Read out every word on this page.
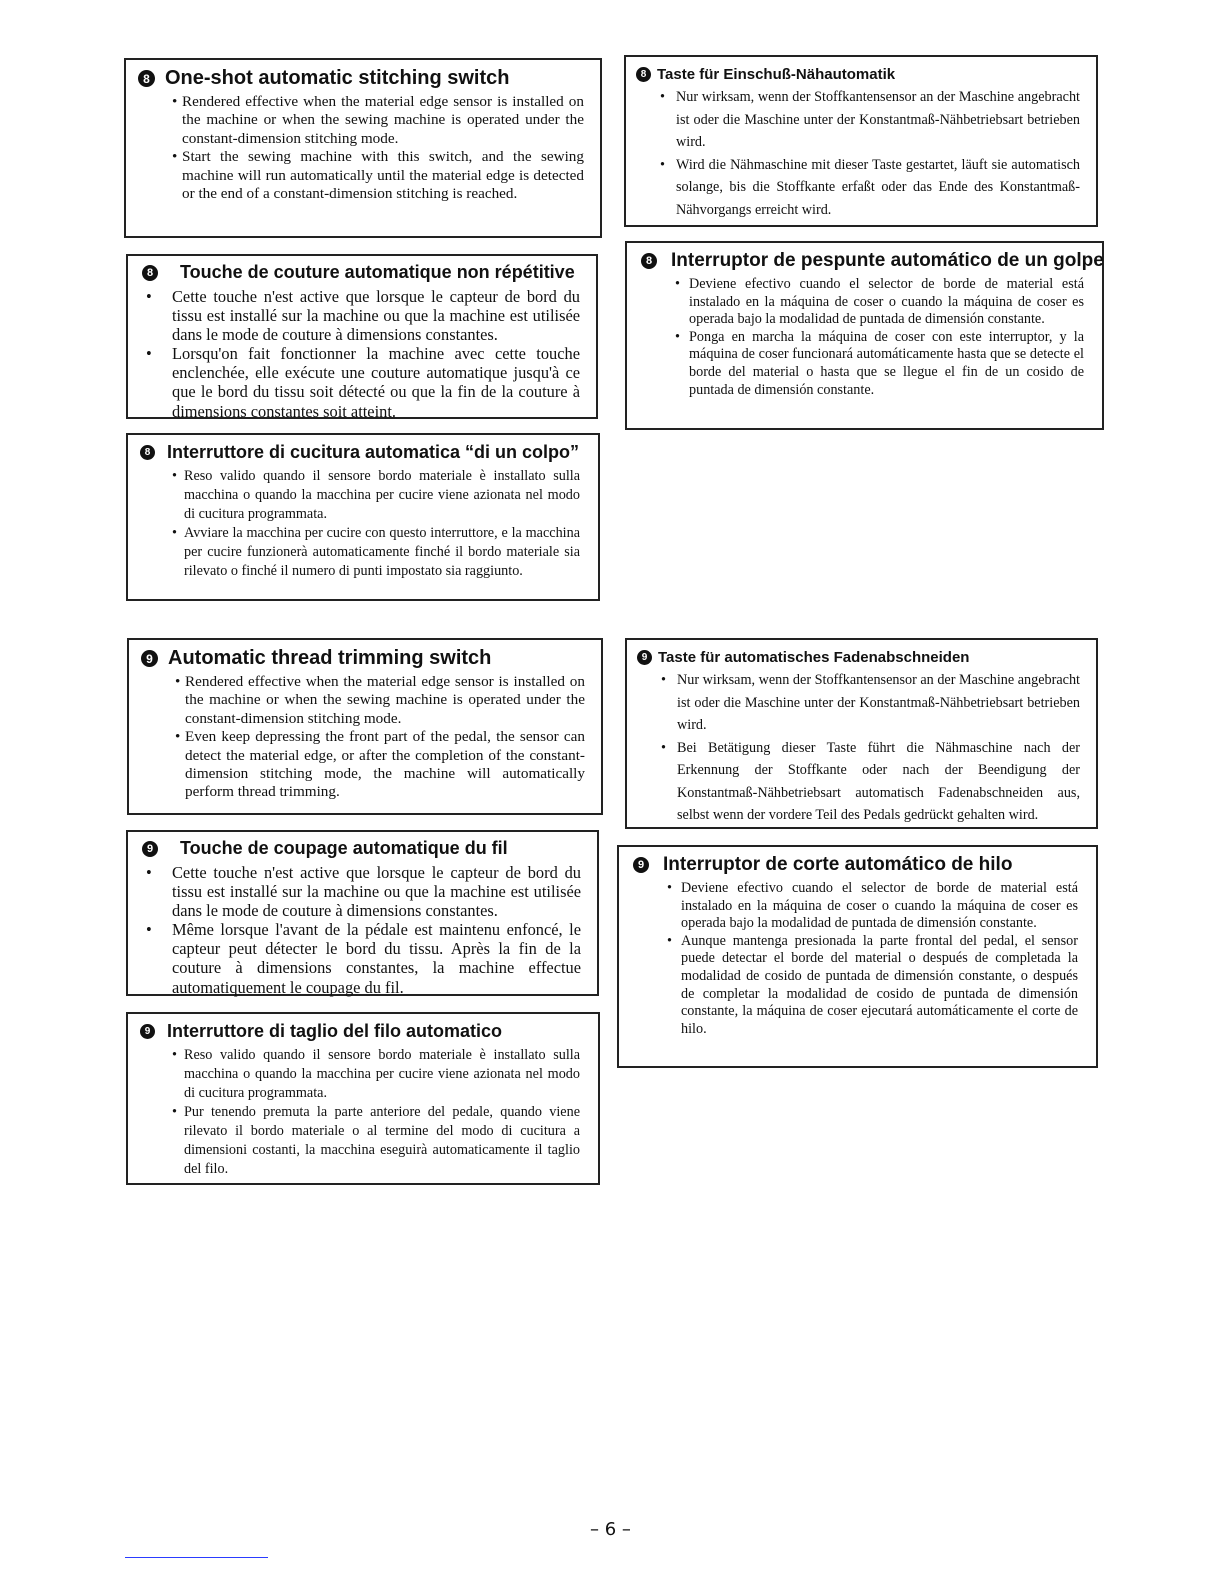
8 One-shot automatic stitching switch
• Rendered effective when the material edge sensor is installed on the machine or when the sewing machine is operated under the constant-dimension stitching mode.
• Start the sewing machine with this switch, and the sewing machine will run automatically until the material edge is detected or the end of a constant-dimension stitching is reached.
8 Taste für Einschuß-Nähautomatik
• Nur wirksam, wenn der Stoffkantensensor an der Maschine angebracht ist oder die Maschine unter der Konstantmaß-Nähbetriebsart betrieben wird.
• Wird die Nähmaschine mit dieser Taste gestartet, läuft sie automatisch solange, bis die Stoffkante erfaßt oder das Ende des Konstantmaß-Nähvorgangs erreicht wird.
8 Touche de couture automatique non répétitive
• Cette touche n'est active que lorsque le capteur de bord du tissu est installé sur la machine ou que la machine est utilisée dans le mode de couture à dimensions constantes.
• Lorsqu'on fait fonctionner la machine avec cette touche enclenchée, elle exécute une couture automatique jusqu'à ce que le bord du tissu soit détecté ou que la fin de la couture à dimensions constantes soit atteint.
8 Interruptor de pespunte automático de un golpe
• Deviene efectivo cuando el selector de borde de material está instalado en la máquina de coser o cuando la máquina de coser es operada bajo la modalidad de puntada de dimensión constante.
• Ponga en marcha la máquina de coser con este interruptor, y la máquina de coser funcionará automáticamente hasta que se detecte el borde del material o hasta que se llegue el fin de un cosido de puntada de dimensión constante.
8 Interruttore di cucitura automatica “di un colpo”
• Reso valido quando il sensore bordo materiale è installato sulla macchina o quando la macchina per cucire viene azionata nel modo di cucitura programmata.
• Avviare la macchina per cucire con questo interruttore, e la macchina per cucire funzionerà automaticamente finché il bordo materiale sia rilevato o finché il numero di punti impostato sia raggiunto.
9 Automatic thread trimming switch
• Rendered effective when the material edge sensor is installed on the machine or when the sewing machine is operated under the constant-dimension stitching mode.
• Even keep depressing the front part of the pedal, the sensor can detect the material edge, or after the completion of the constant-dimension stitching mode, the machine will automatically perform thread trimming.
9 Taste für automatisches Fadenabschneiden
• Nur wirksam, wenn der Stoffkantensensor an der Maschine angebracht ist oder die Maschine unter der Konstantmaß-Nähbetriebsart betrieben wird.
• Bei Betätigung dieser Taste führt die Nähmaschine nach der Erkennung der Stoffkante oder nach der Beendigung der Konstantmaß-Nähbetriebsart automatisch Fadenabschneiden aus, selbst wenn der vordere Teil des Pedals gedrückt gehalten wird.
9 Touche de coupage automatique du fil
• Cette touche n'est active que lorsque le capteur de bord du tissu est installé sur la machine ou que la machine est utilisée dans le mode de couture à dimensions constantes.
• Même lorsque l'avant de la pédale est maintenu enfoncé, le capteur peut détecter le bord du tissu. Après la fin de la couture à dimensions constantes, la machine effectue automatiquement le coupage du fil.
9 Interruptor de corte automático de hilo
• Deviene efectivo cuando el selector de borde de material está instalado en la máquina de coser o cuando la máquina de coser es operada bajo la modalidad de puntada de dimensión constante.
• Aunque mantenga presionada la parte frontal del pedal, el sensor puede detectar el borde del material o después de completada la modalidad de cosido de puntada de dimensión constante, o después de completar la modalidad de cosido de puntada de dimensión constante, la máquina de coser ejecutará automáticamente el corte de hilo.
9 Interruttore di taglio del filo automatico
• Reso valido quando il sensore bordo materiale è installato sulla macchina o quando la macchina per cucire viene azionata nel modo di cucitura programmata.
• Pur tenendo premuta la parte anteriore del pedale, quando viene rilevato il bordo materiale o al termine del modo di cucitura a dimensioni costanti, la macchina eseguirà automaticamente il taglio del filo.
– 6 –
